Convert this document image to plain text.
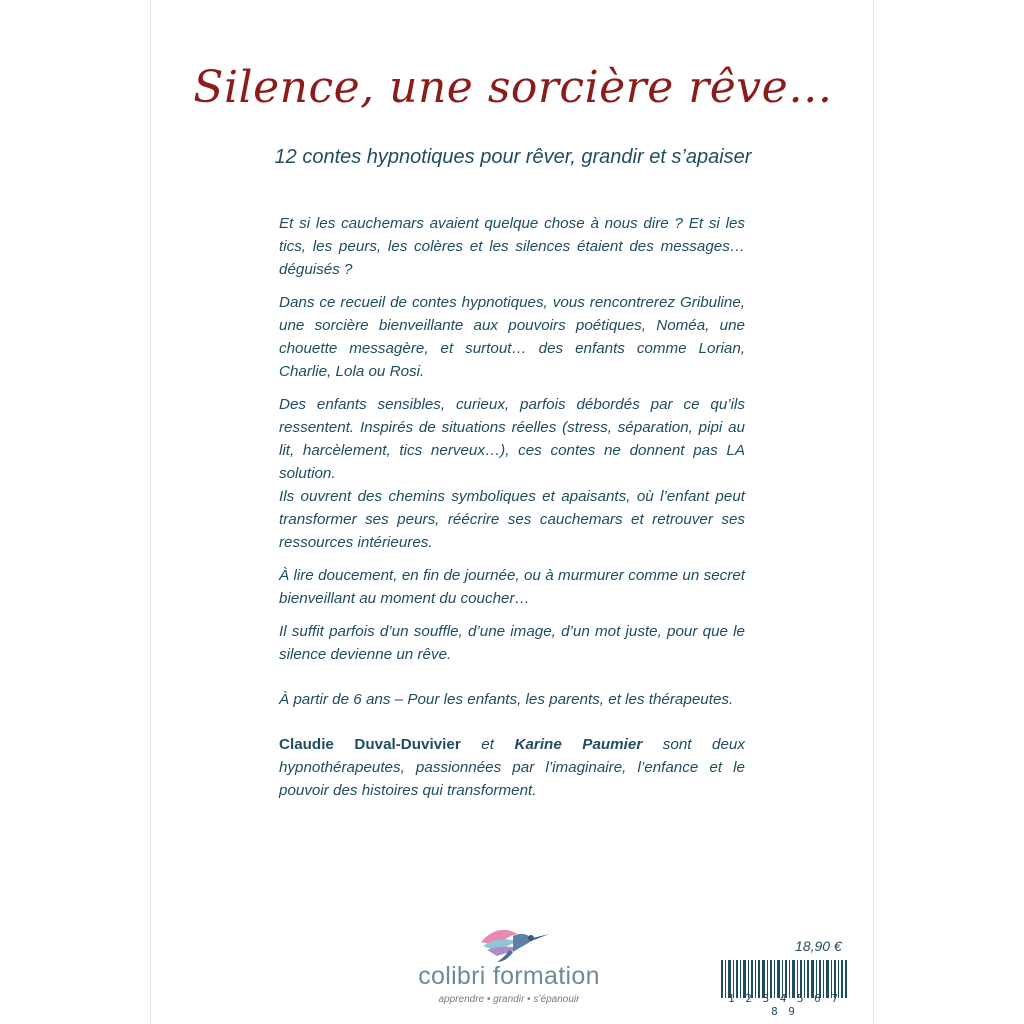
Silence, une sorcière rêve…
12 contes hypnotiques pour rêver, grandir et s’apaiser

Et si les cauchemars avaient quelque chose à nous dire ? Et si les tics, les peurs, les colères et les silences étaient des messages… déguisés ?

Dans ce recueil de contes hypnotiques, vous rencontrerez Gribuline, une sorcière bienveillante aux pouvoirs poétiques, Noméa, une chouette messagère, et surtout… des enfants comme Lorian, Charlie, Lola ou Rosi.

Des enfants sensibles, curieux, parfois débordés par ce qu’ils ressentent. Inspirés de situations réelles (stress, séparation, pipi au lit, harcèlement, tics nerveux…), ces contes ne donnent pas LA solution.

Ils ouvrent des chemins symboliques et apaisants, où l’enfant peut transformer ses peurs, réécrire ses cauchemars et retrouver ses ressources intérieures.

À lire doucement, en fin de journée, ou à murmurer comme un secret bienveillant au moment du coucher…

Il suffit parfois d’un souffle, d’une image, d’un mot juste, pour que le silence devienne un rêve.

À partir de 6 ans – Pour les enfants, les parents, et les thérapeutes.

Claudie Duval-Duvivier et Karine Paumier sont deux hypnothérapeutes, passionnées par l’imaginaire, l’enfance et le pouvoir des histoires qui transforment.

colibri formation
apprendre • grandir • s’épanouir
18,90 €
1 2 3 4 5 6 7 8 9
